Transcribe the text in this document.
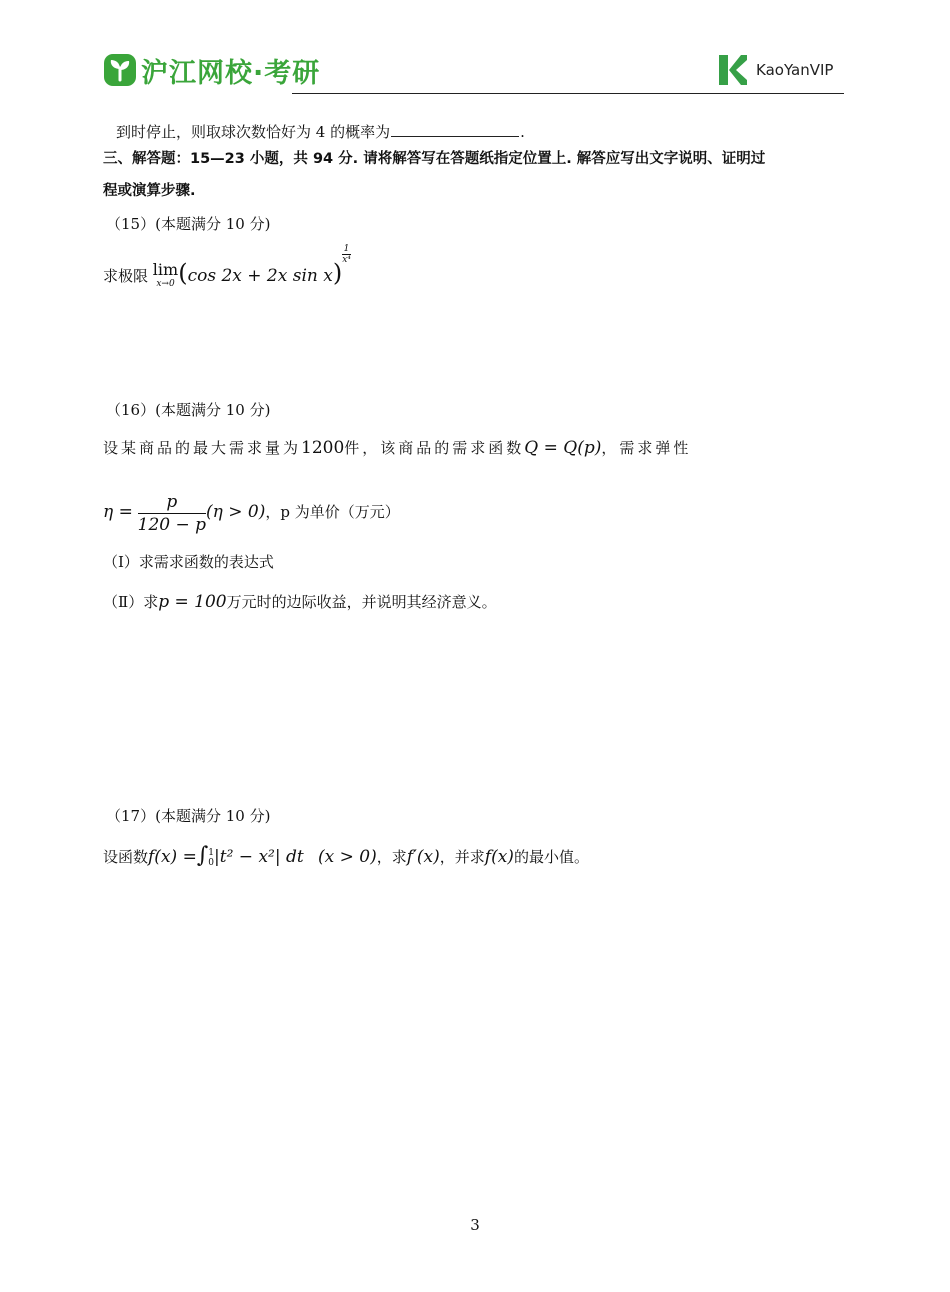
沪江网校·考研	KaoYanVIP
到时停止，则取球次数恰好为 4 的概率为	.
三、解答题：15—23 小题，共 94 分. 请将解答写在答题纸指定位置上. 解答应写出文字说明、证明过
程或演算步骤.
（15）(本题满分 10 分)
求极限 lim
x→0 (cos 2x + 2x sin x)
$\frac{1}{\text{x⁴}}$
（16）(本题满分 10 分)
设某商品的最大需求量为1200件，该商品的需求函数Q = Q(p)，需求弹性
$\eta = \frac{p}{120 - p} (\eta > 0)$，p 为单价（万元）
（Ⅰ）求需求函数的表达式
（Ⅱ）求p = 100万元时的边际收益，并说明其经济意义。
（17）(本题满分 10 分)
设函数f(x) =∫ 1
0 |t² − x²| dt (x > 0)，求f′(x)，并求f(x)的最小值。
3
